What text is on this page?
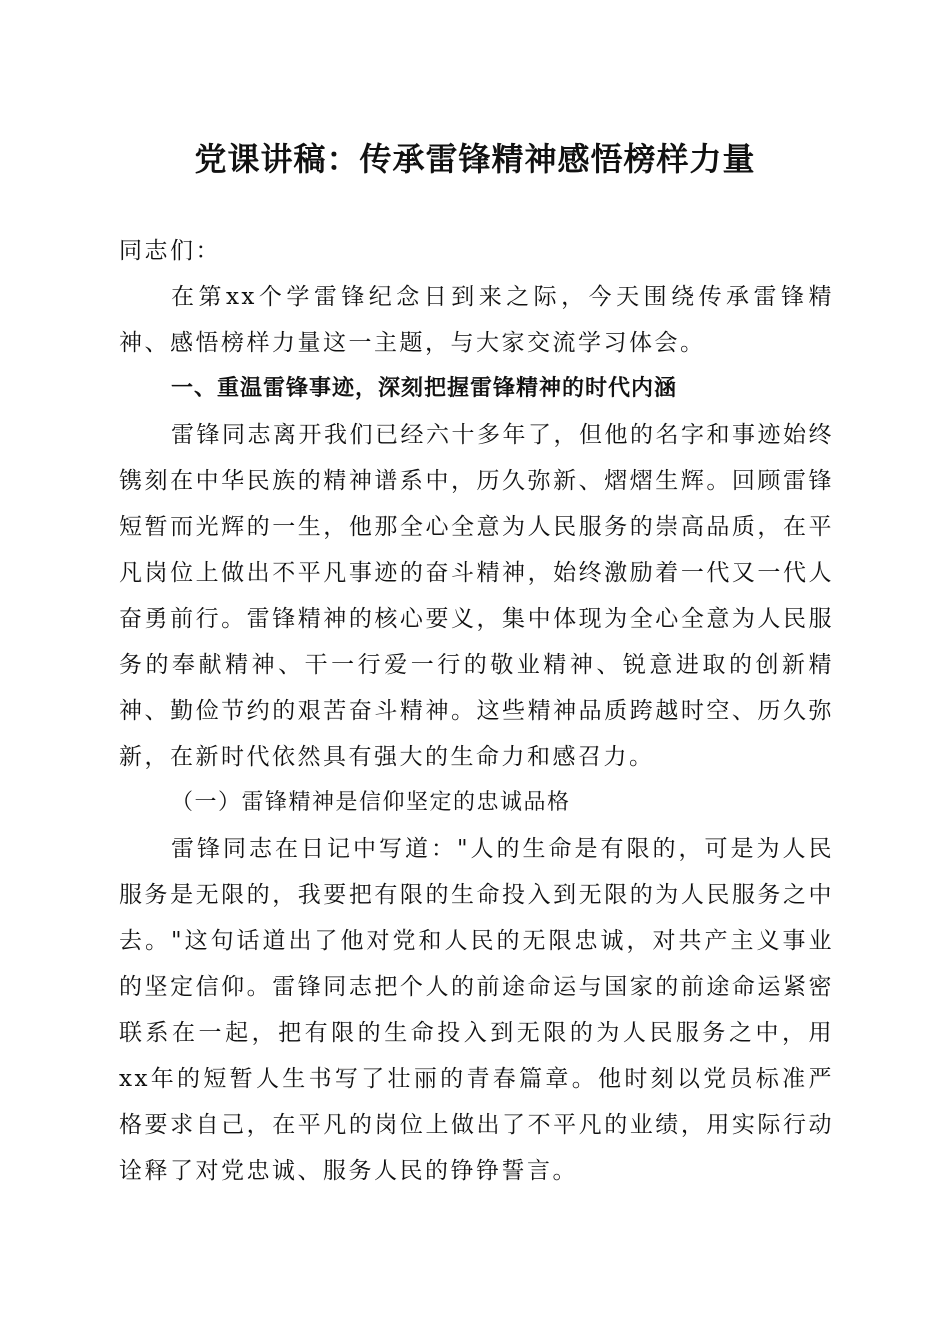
党课讲稿：传承雷锋精神感悟榜样力量

同志们：

在第xx个学雷锋纪念日到来之际，今天围绕传承雷锋精神、感悟榜样力量这一主题，与大家交流学习体会。

一、重温雷锋事迹，深刻把握雷锋精神的时代内涵

雷锋同志离开我们已经六十多年了，但他的名字和事迹始终镌刻在中华民族的精神谱系中，历久弥新、熠熠生辉。回顾雷锋短暂而光辉的一生，他那全心全意为人民服务的崇高品质，在平凡岗位上做出不平凡事迹的奋斗精神，始终激励着一代又一代人奋勇前行。雷锋精神的核心要义，集中体现为全心全意为人民服务的奉献精神、干一行爱一行的敬业精神、锐意进取的创新精神、勤俭节约的艰苦奋斗精神。这些精神品质跨越时空、历久弥新，在新时代依然具有强大的生命力和感召力。

（一）雷锋精神是信仰坚定的忠诚品格

雷锋同志在日记中写道："人的生命是有限的，可是为人民服务是无限的，我要把有限的生命投入到无限的为人民服务之中去。"这句话道出了他对党和人民的无限忠诚，对共产主义事业的坚定信仰。雷锋同志把个人的前途命运与国家的前途命运紧密联系在一起，把有限的生命投入到无限的为人民服务之中，用xx年的短暂人生书写了壮丽的青春篇章。他时刻以党员标准严格要求自己，在平凡的岗位上做出了不平凡的业绩，用实际行动诠释了对党忠诚、服务人民的铮铮誓言。
